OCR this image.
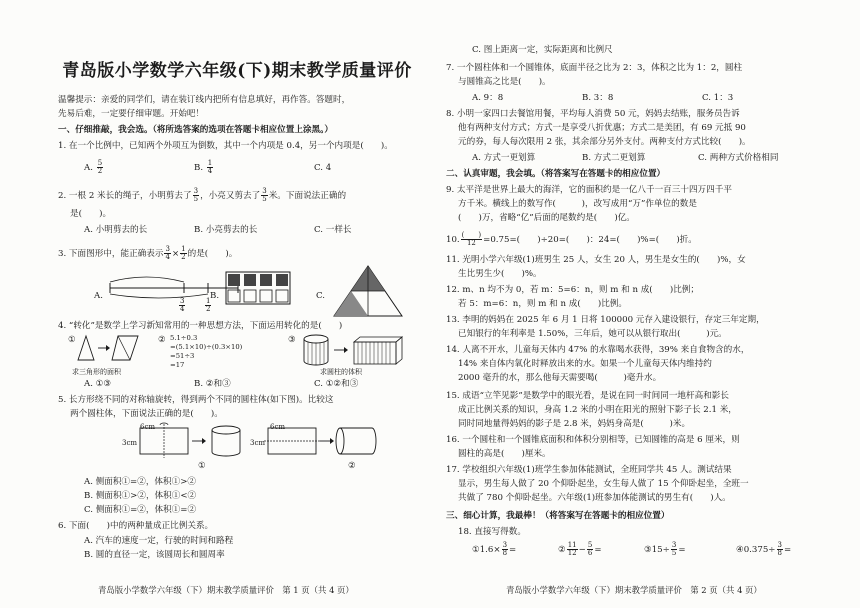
青岛版小学数学六年级(下)期末教学质量评价
温馨提示：亲爱的同学们，请在装订线内把所有信息填好，再作答。答题时，
先易后难，一定要仔细审题。开始吧！
一、仔细推敲，我会选。（将所选答案的选项在答题卡相应位置上涂黑。）
1. 在一个比例中，已知两个外项互为倒数，其中一个内项是 0.4，另一个内项是(　　)。
A. $\frac{5}{2}$	B. $\frac{1}{4}$	C. 4
2. 一根 2 米长的绳子，小明剪去了 $\frac{3}{5}$ ，小亮又剪去了 $\frac{3}{5}$ 米。下面说法正确的
是(　　)。
A. 小明剪去的长	B. 小亮剪去的长	C. 一样长
3. 下面图形中，能正确表示 $\frac{3}{4} \times \frac{1}{2}$ 的是(　　)。
A.
$\frac{3}{4}$	$\frac{1}{2}$
B.	C.
4. “转化”是数学上学习新知常用的一种思想方法，下面运用转化的是(　　)
①
求三角形的面积
② 5.1÷0.3
=(5.1×10)÷(0.3×10)
=51÷3
=17
③
求圆柱的体积
A. ①③	B. ②和③	C. ①②和③
5. 长方形绕不同的对称轴旋转，得到两个不同的圆柱体(如下图)。比较这
两个圆柱体，下面说法正确的是(　　)。
6cm
3cm
6cm
3cm
①	②
A. 侧面积①=②，体积①>②
B. 侧面积①>②，体积①<②
C. 侧面积①=②，体积①=②
6. 下面(　　)中的两种量成正比例关系。
A. 汽车的速度一定，行驶的时间和路程
B. 圆的直径一定，该圆周长和圆周率
青岛版小学数学六年级（下）期末教学质量评价　第 1 页（共 4 页）
C. 图上距离一定，实际距离和比例尺
7. 一个圆柱体和一个圆锥体，底面半径之比为 2：3，体积之比为 1：2，圆柱
与圆锥高之比是(　　)。
A. 9：8	B. 3：8	C. 1：3
8. 小明一家四口去餐馆用餐，平均每人消费 50 元，妈妈去结账，服务员告诉
他有两种支付方式；方式一是享受八折优惠；方式二是美团，有 69 元抵 90
元的券，每人每次限用 2 张，其余部分另外支付。两种支付方式比较(　　)。
A. 方式一更划算	B. 方式二更划算	C. 两种方式价格相同
二、认真审题，我会填。（将答案写在答题卡的相应位置）
9. 太平洋是世界上最大的海洋，它的面积约是一亿八千一百三十四万四千平
方千米。横线上的数写作(　　　)，改写成用“万”作单位的数是
(　　)万，省略“亿”后面的尾数约是(　　)亿。
10. $\frac{( )}{12} =0.75=$(　　)÷20=(　　)：24=(　　)%=(　　)折。
11. 光明小学六年级(1)班男生 25 人，女生 20 人，男生是女生的(　　)%，女
生比男生少(　　)%。
12. m、n 均不为 0，若 m：5=6：n，则 m 和 n 成(　　)比例；
若 5：m=6：n，则 m 和 n 成(　　)比例。
13. 李明的妈妈在 2025 年 6 月 1 日将 100000 元存入建设银行，存定三年定期，
已知银行的年利率是 1.50%，三年后，她可以从银行取出(　　　)元。
14. 人离不开水，儿童每天体内 47% 的水靠喝水获得，39% 来自食物含的水，
14% 来自体内氧化时释放出来的水。如果一个儿童每天体内维持约
2000 毫升的水，那么他每天需要喝(　　　)毫升水。
15. 成语“立竿见影”是数学中的眼光看，是说在同一时间同一地杆高和影长
成正比例关系的知识，身高 1.2 米的小明在阳光的照射下影子长 2.1 米，
同时同地量得妈妈的影子是 2.8 米，妈妈身高是(　　　)米。
16. 一个圆柱和一个圆锥底面积和体积分别相等，已知圆锥的高是 6 厘米，则
圆柱的高是(　　)厘米。
17. 学校组织六年级(1)班学生参加体能测试，全班同学共 45 人。测试结果
显示，男生每人做了 20 个仰卧起坐，女生每人做了 15 个仰卧起坐，全班一
共做了 780 个仰卧起坐。六年级(1)班参加体能测试的男生有(　　)人。
三、细心计算，我最棒！（将答案写在答题卡的相应位置）
18. 直接写得数。
①1.6× $\frac{3}{8}$ =	② $\frac{11}{12} - \frac{5}{6}$ =	③15÷ $\frac{3}{5}$ =	④0.375÷ $\frac{3}{8}$ =
青岛版小学数学六年级（下）期末教学质量评价　第 2 页（共 4 页）
